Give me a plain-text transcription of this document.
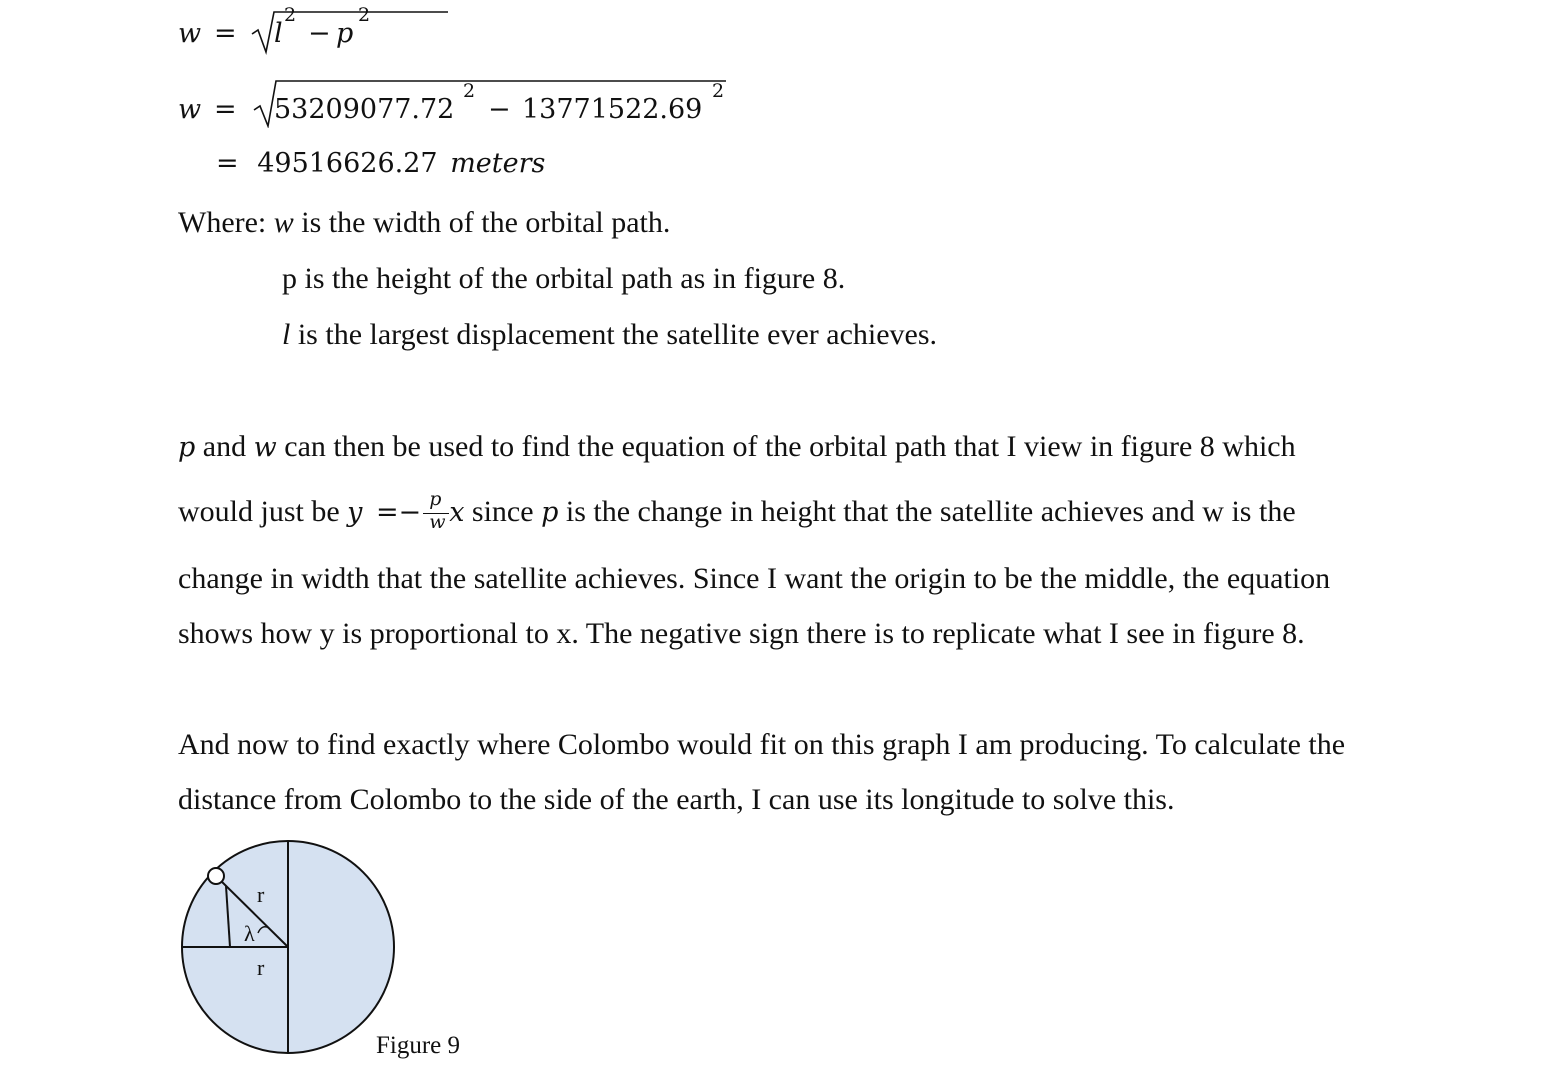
w = l
2
− p
2
w = 53209077.72
2
− 13771522.69
2
= 49516626.27 meters
Where: w is the width of the orbital path.
p is the height of the orbital path as in figure 8.
l is the largest displacement the satellite ever achieves.
p and w can then be used to find the equation of the orbital path that I view in figure 8 which
would just be $y =- \frac{p}{w}$ x since p is the change in height that the satellite achieves and w is the
change in width that the satellite achieves. Since I want the origin to be the middle, the equation
shows how y is proportional to x. The negative sign there is to replicate what I see in figure 8.
And now to find exactly where Colombo would fit on this graph I am producing. To calculate the
distance from Colombo to the side of the earth, I can use its longitude to solve this.
r
λ
r
Figure 9
